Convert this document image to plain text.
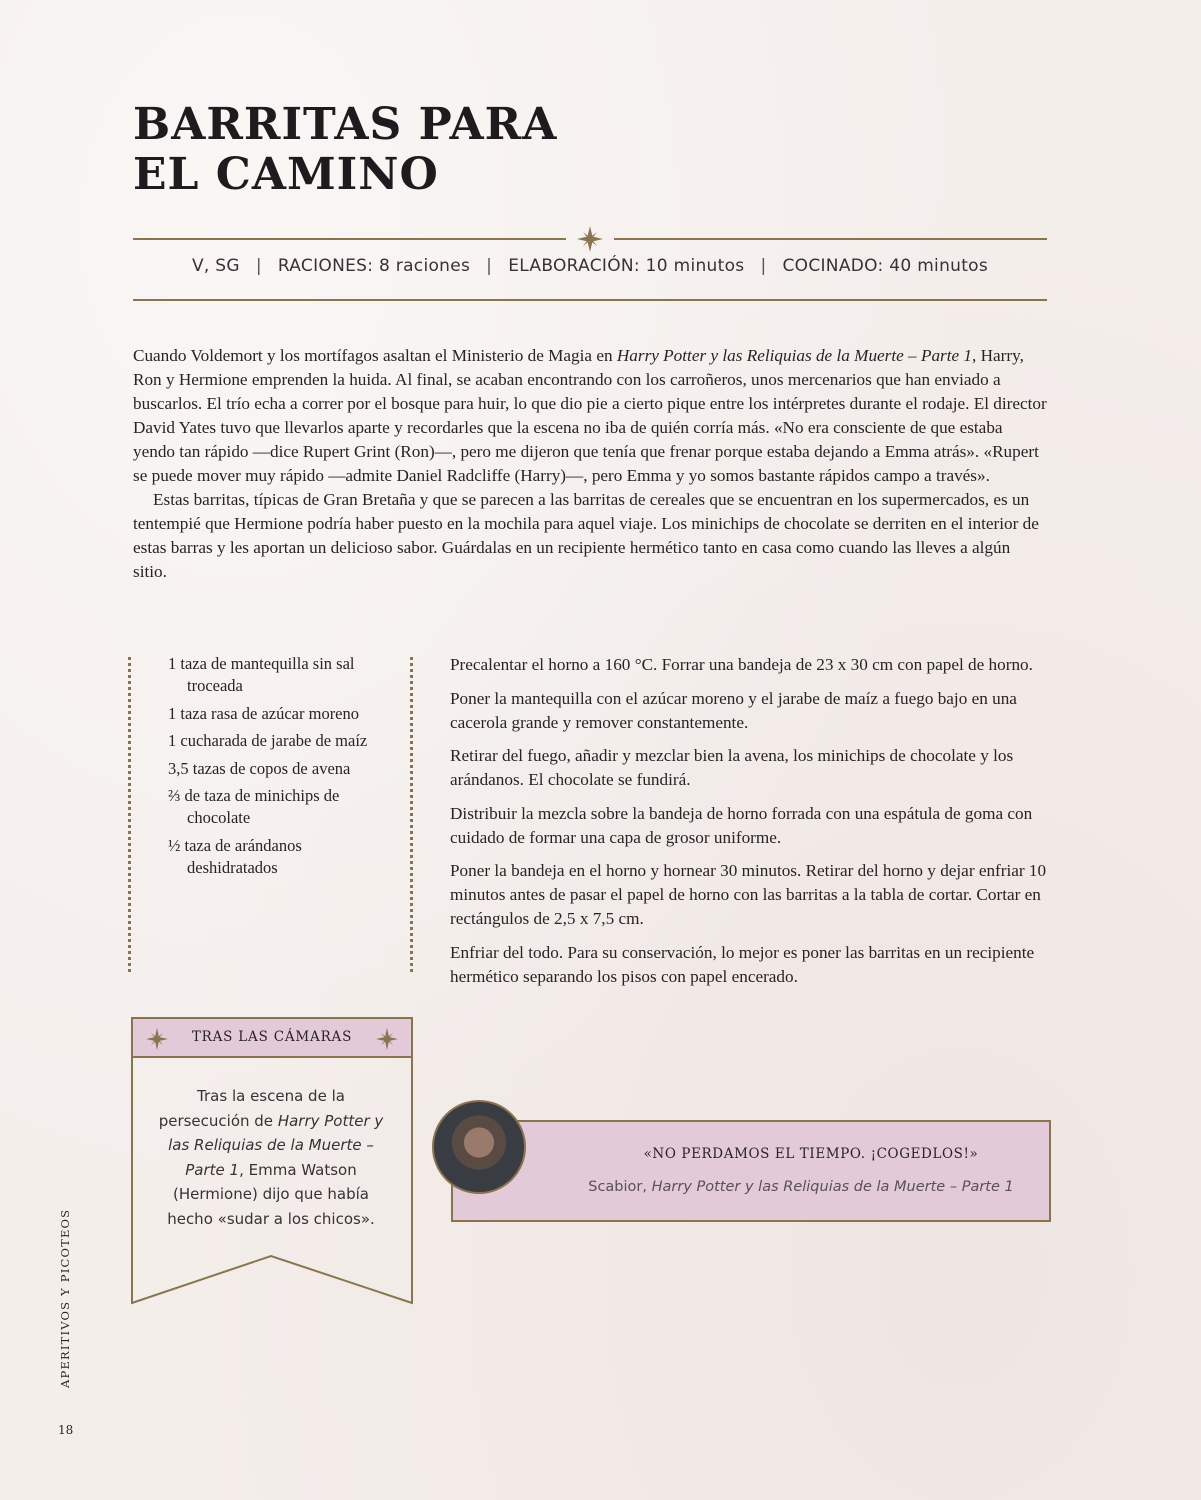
BARRITAS PARA
EL CAMINO
V, SG | RACIONES: 8 raciones | ELABORACIÓN: 10 minutos | COCINADO: 40 minutos

Cuando Voldemort y los mortífagos asaltan el Ministerio de Magia en Harry Potter y las Reliquias de la Muerte – Parte 1, Harry, Ron y Hermione emprenden la huida. Al final, se acaban encontrando con los carroñeros, unos mercenarios que han enviado a buscarlos. El trío echa a correr por el bosque para huir, lo que dio pie a cierto pique entre los intérpretes durante el rodaje. El director David Yates tuvo que llevarlos aparte y recordarles que la escena no iba de quién corría más. «No era consciente de que estaba yendo tan rápido —dice Rupert Grint (Ron)—, pero me dijeron que tenía que frenar porque estaba dejando a Emma atrás». «Rupert se puede mover muy rápido —admite Daniel Radcliffe (Harry)—, pero Emma y yo somos bastante rápidos campo a través».

Estas barritas, típicas de Gran Bretaña y que se parecen a las barritas de cereales que se encuentran en los supermercados, es un tentempié que Hermione podría haber puesto en la mochila para aquel viaje. Los minichips de chocolate se derriten en el interior de estas barras y les aportan un delicioso sabor. Guárdalas en un recipiente hermético tanto en casa como cuando las lleves a algún sitio.

1 taza de mantequilla sin sal troceada
1 taza rasa de azúcar moreno
1 cucharada de jarabe de maíz
3,5 tazas de copos de avena
⅔ de taza de minichips de chocolate
½ taza de arándanos deshidratados

Precalentar el horno a 160 °C. Forrar una bandeja de 23 x 30 cm con papel de horno.

Poner la mantequilla con el azúcar moreno y el jarabe de maíz a fuego bajo en una cacerola grande y remover constantemente.

Retirar del fuego, añadir y mezclar bien la avena, los minichips de chocolate y los arándanos. El chocolate se fundirá.

Distribuir la mezcla sobre la bandeja de horno forrada con una espátula de goma con cuidado de formar una capa de grosor uniforme.

Poner la bandeja en el horno y hornear 30 minutos. Retirar del horno y dejar enfriar 10 minutos antes de pasar el papel de horno con las barritas a la tabla de cortar. Cortar en rectángulos de 2,5 x 7,5 cm.

Enfriar del todo. Para su conservación, lo mejor es poner las barritas en un recipiente hermético separando los pisos con papel encerado.

TRAS LAS CÁMARAS
Tras la escena de la persecución de Harry Potter y las Reliquias de la Muerte – Parte 1, Emma Watson (Hermione) dijo que había hecho «sudar a los chicos».
«NO PERDAMOS EL TIEMPO. ¡COGEDLOS!»
Scabior, Harry Potter y las Reliquias de la Muerte – Parte 1
APERITIVOS Y PICOTEOS
18
